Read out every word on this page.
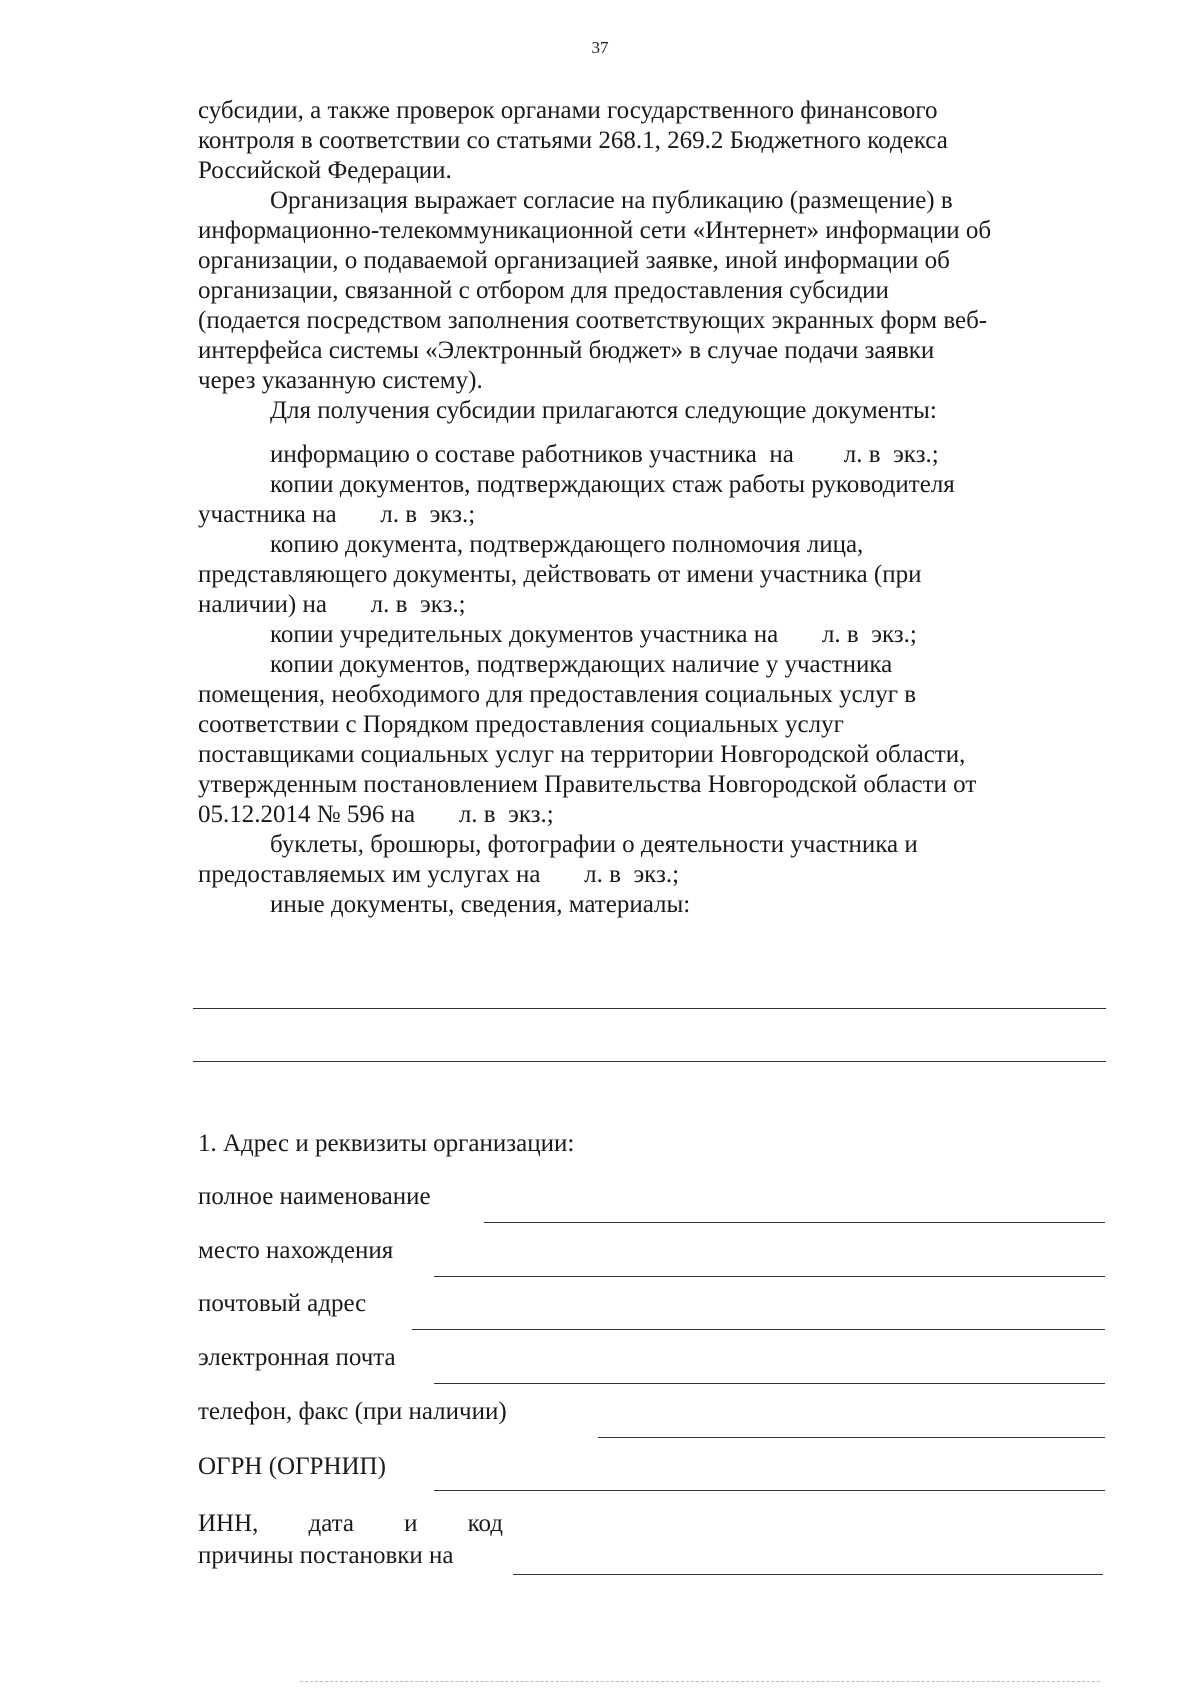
37

субсидии, а также проверок органами государственного финансового
контроля в соответствии со статьями 268.1, 269.2 Бюджетного кодекса
Российской Федерации.

Организация выражает согласие на публикацию (размещение) в
информационно-телекоммуникационной сети «Интернет» информации об
организации, о подаваемой организацией заявке, иной информации об
организации, связанной с отбором для предоставления субсидии
(подается посредством заполнения соответствующих экранных форм веб-
интерфейса системы «Электронный бюджет» в случае подачи заявки
через указанную систему).

Для получения субсидии прилагаются следующие документы:

информацию о составе работников участника  на        л. в  экз.;

копии документов, подтверждающих стаж работы руководителя
участника на       л. в  экз.;

копию документа, подтверждающего полномочия лица,
представляющего документы, действовать от имени участника (при
наличии) на       л. в  экз.;

копии учредительных документов участника на       л. в  экз.;

копии документов, подтверждающих наличие у участника
помещения, необходимого для предоставления социальных услуг в
соответствии с Порядком предоставления социальных услуг
поставщиками социальных услуг на территории Новгородской области,
утвержденным постановлением Правительства Новгородской области от
05.12.2014 № 596 на       л. в  экз.;

буклеты, брошюры, фотографии о деятельности участника и
предоставляемых им услугах на       л. в  экз.;

иные документы, сведения, материалы:

1. Адрес и реквизиты организации:
полное наименование
место нахождения
почтовый адрес
электронная почта
телефон, факс (при наличии)
ОГРН (ОГРНИП)
ИНН, дата и код
причины постановки на
